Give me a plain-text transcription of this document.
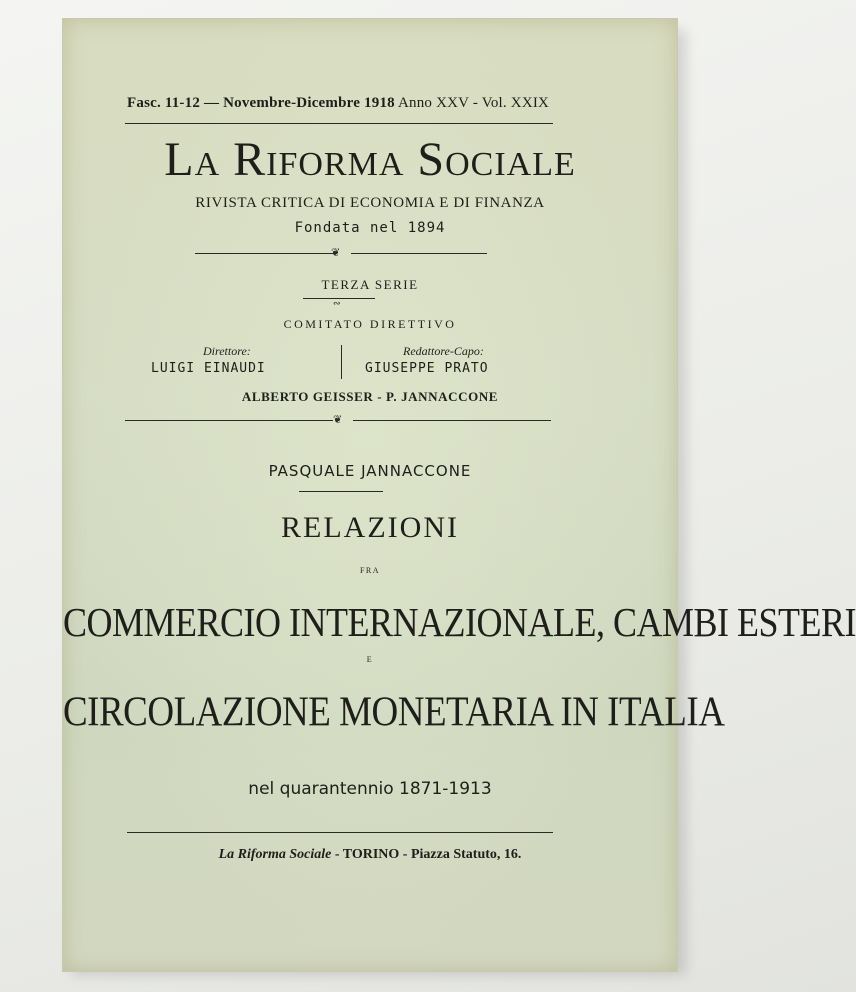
Fasc. 11-12 — Novembre-Dicembre 1918 Anno XXV - Vol. XXIX
La Riforma Sociale
RIVISTA CRITICA DI ECONOMIA E DI FINANZA
Fondata nel 1894
❦
TERZA SERIE
∾
COMITATO DIRETTIVO
Direttore:
LUIGI EINAUDI
Redattore-Capo:
GIUSEPPE PRATO
ALBERTO GEISSER - P. JANNACCONE
❦
PASQUALE JANNACCONE
RELAZIONI
FRA
COMMERCIO INTERNAZIONALE, CAMBI ESTERI
E
CIRCOLAZIONE MONETARIA IN ITALIA
nel quarantennio 1871-1913
La Riforma Sociale - TORINO - Piazza Statuto, 16.
